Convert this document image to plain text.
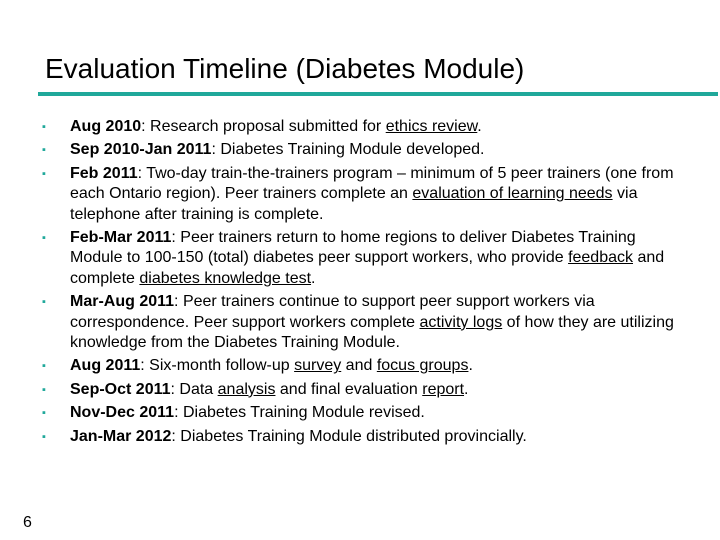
Evaluation Timeline (Diabetes Module)
▪	Aug 2010: Research proposal submitted for ethics review.
▪	Sep 2010-Jan 2011: Diabetes Training Module developed.
▪	Feb 2011: Two-day train-the-trainers program – minimum of 5 peer trainers (one from each Ontario region). Peer trainers complete an evaluation of learning needs via telephone after training is complete.
▪	Feb-Mar 2011: Peer trainers return to home regions to deliver Diabetes Training Module to 100-150 (total) diabetes peer support workers, who provide feedback and complete diabetes knowledge test.
▪	Mar-Aug 2011: Peer trainers continue to support peer support workers via correspondence. Peer support workers complete activity logs of how they are utilizing knowledge from the Diabetes Training Module.
▪	Aug 2011: Six-month follow-up survey and focus groups.
▪	Sep-Oct 2011: Data analysis and final evaluation report.
▪	Nov-Dec 2011: Diabetes Training Module revised.
▪	Jan-Mar 2012: Diabetes Training Module distributed provincially.
6
